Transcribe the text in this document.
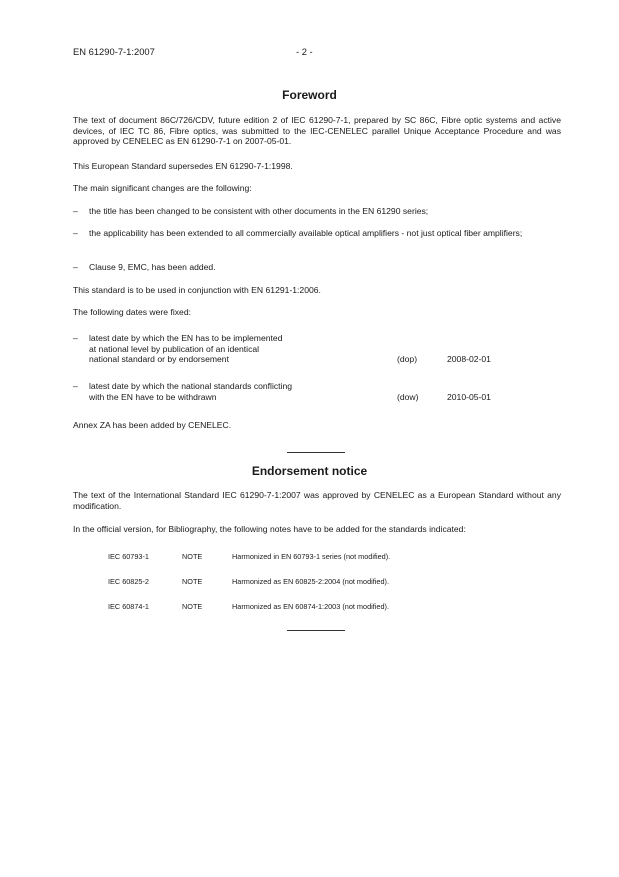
EN 61290-7-1:2007	- 2 -
Foreword
The text of document 86C/726/CDV, future edition 2 of IEC 61290-7-1, prepared by SC 86C, Fibre optic systems and active devices, of IEC TC 86, Fibre optics, was submitted to the IEC-CENELEC parallel Unique Acceptance Procedure and was approved by CENELEC as EN 61290-7-1 on 2007-05-01.
This European Standard supersedes EN 61290-7-1:1998.
The main significant changes are the following:
– the title has been changed to be consistent with other documents in the EN 61290 series;
– the applicability has been extended to all commercially available optical amplifiers - not just optical fiber amplifiers;
– Clause 9, EMC, has been added.
This standard is to be used in conjunction with EN 61291-1:2006.
The following dates were fixed:
– latest date by which the EN has to be implemented
at national level by publication of an identical
national standard or by endorsement	(dop)	2008-02-01
– latest date by which the national standards conflicting
with the EN have to be withdrawn	(dow)	2010-05-01
Annex ZA has been added by CENELEC.
Endorsement notice
The text of the International Standard IEC 61290-7-1:2007 was approved by CENELEC as a European Standard without any modification.
In the official version, for Bibliography, the following notes have to be added for the standards indicated:
IEC 60793-1	NOTE	Harmonized in EN 60793-1 series (not modified).
IEC 60825-2	NOTE	Harmonized as EN 60825-2:2004 (not modified).
IEC 60874-1	NOTE	Harmonized as EN 60874-1:2003 (not modified).
